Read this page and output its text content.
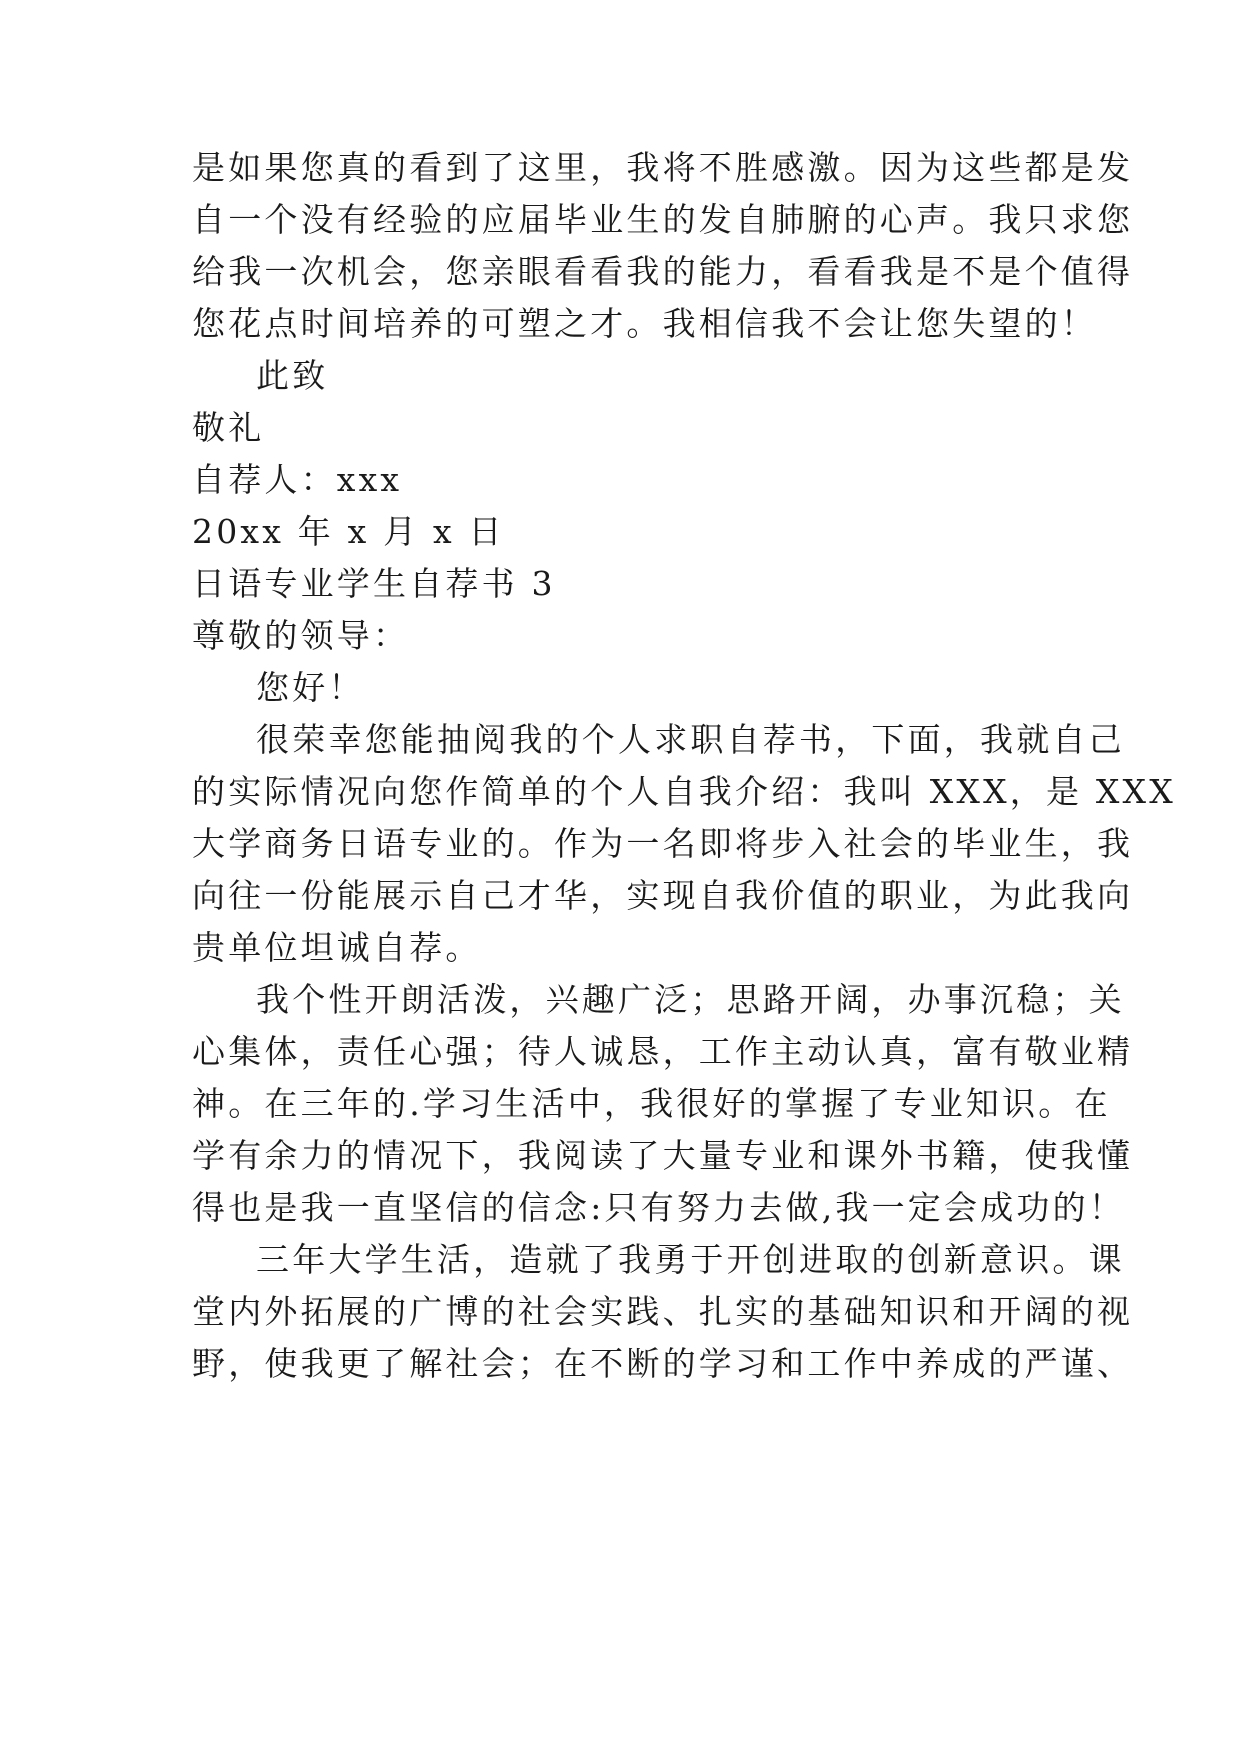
是如果您真的看到了这里，我将不胜感激。因为这些都是发
自一个没有经验的应届毕业生的发自肺腑的心声。我只求您
给我一次机会，您亲眼看看我的能力，看看我是不是个值得
您花点时间培养的可塑之才。我相信我不会让您失望的！
此致
敬礼
自荐人：xxx
20xx 年 x 月 x 日
日语专业学生自荐书 3
尊敬的领导：
您好！
很荣幸您能抽阅我的个人求职自荐书，下面，我就自己
的实际情况向您作简单的个人自我介绍：我叫 XXX，是 XXX
大学商务日语专业的。作为一名即将步入社会的毕业生，我
向往一份能展示自己才华，实现自我价值的职业，为此我向
贵单位坦诚自荐。
我个性开朗活泼，兴趣广泛；思路开阔，办事沉稳；关
心集体，责任心强；待人诚恳，工作主动认真，富有敬业精
神。在三年的.学习生活中，我很好的掌握了专业知识。在
学有余力的情况下，我阅读了大量专业和课外书籍，使我懂
得也是我一直坚信的信念:只有努力去做,我一定会成功的！
三年大学生活，造就了我勇于开创进取的创新意识。课
堂内外拓展的广博的社会实践、扎实的基础知识和开阔的视
野，使我更了解社会；在不断的学习和工作中养成的严谨、
